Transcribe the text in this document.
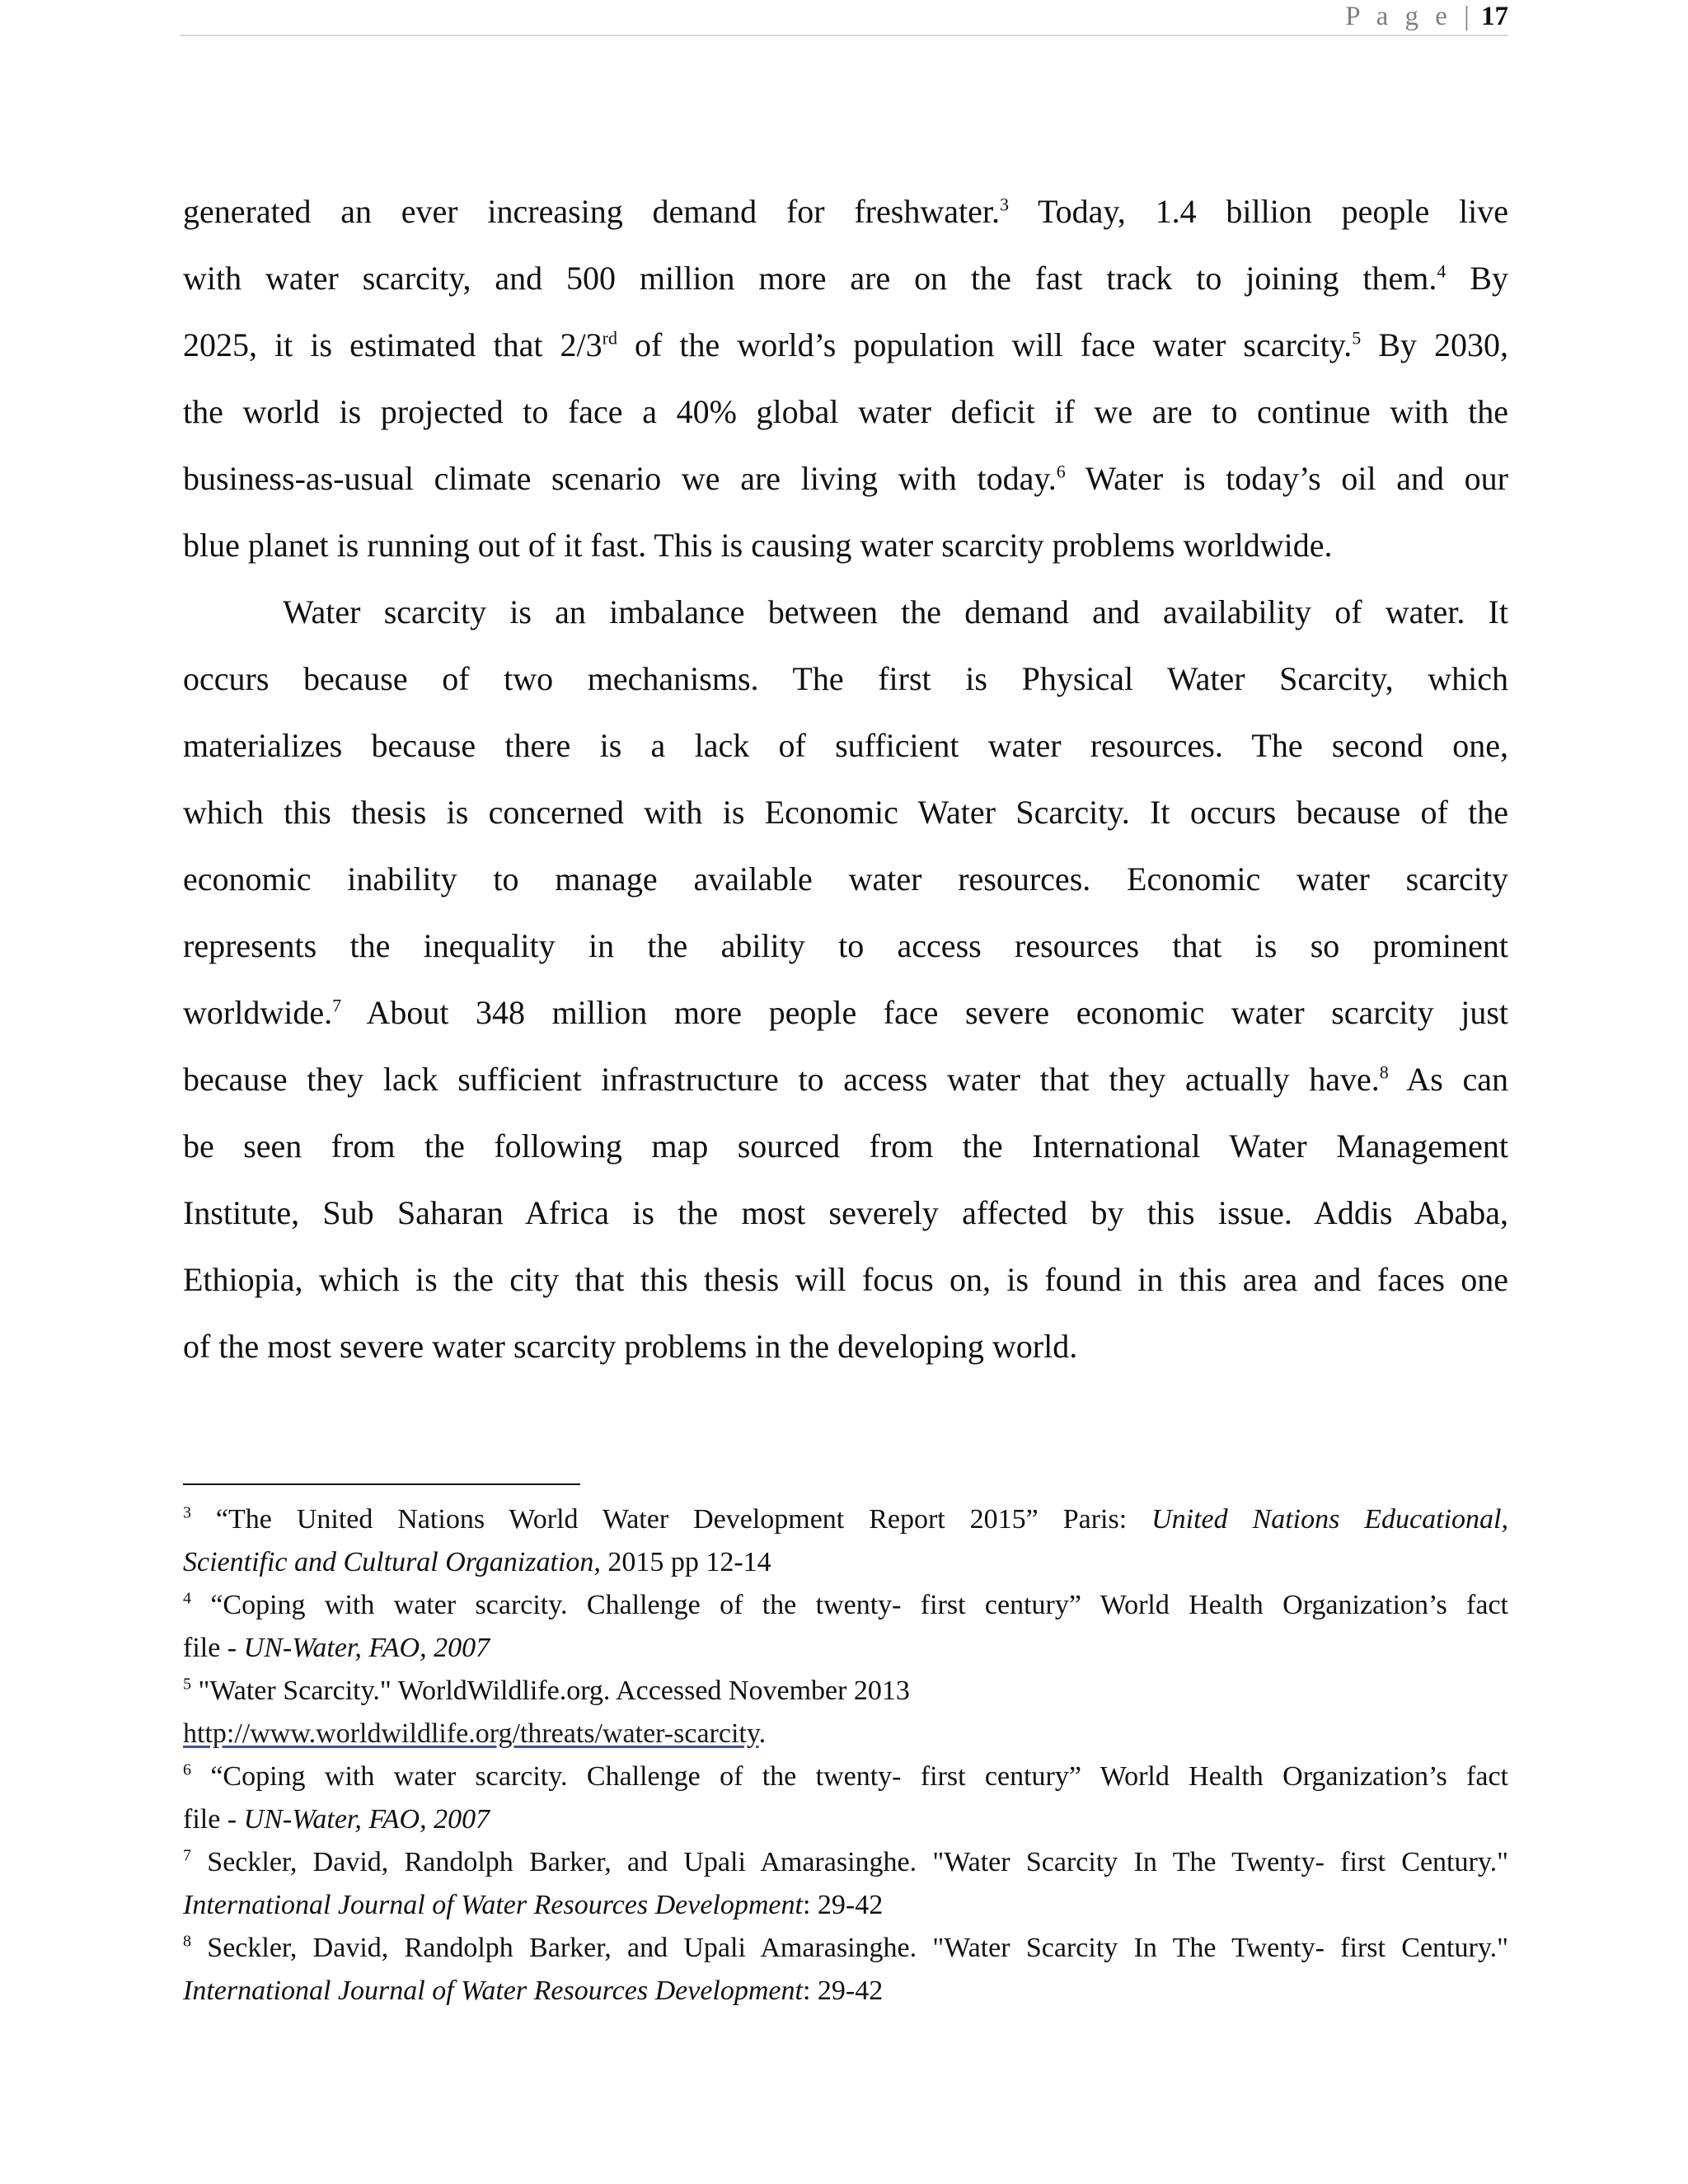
P a g e | 17
generated an ever increasing demand for freshwater.$^3$ Today, 1.4 billion people live
with water scarcity, and 500 million more are on the fast track to joining them.$^4$ By
2025, it is estimated that 2/3rd of the world’s population will face water scarcity.$^5$ By 2030,
the world is projected to face a 40% global water deficit if we are to continue with the
business-as-usual climate scenario we are living with today.$^6$ Water is today’s oil and our
blue planet is running out of it fast. This is causing water scarcity problems worldwide.
Water scarcity is an imbalance between the demand and availability of water. It
occurs because of two mechanisms. The first is Physical Water Scarcity, which
materializes because there is a lack of sufficient water resources. The second one,
which this thesis is concerned with is Economic Water Scarcity. It occurs because of the
economic inability to manage available water resources. Economic water scarcity
represents the inequality in the ability to access resources that is so prominent
worldwide.$^7$ About 348 million more people face severe economic water scarcity just
because they lack sufficient infrastructure to access water that they actually have.$^8$ As can
be seen from the following map sourced from the International Water Management
Institute, Sub Saharan Africa is the most severely affected by this issue. Addis Ababa,
Ethiopia, which is the city that this thesis will focus on, is found in this area and faces one
of the most severe water scarcity problems in the developing world.
$^3$ “The United Nations World Water Development Report 2015” Paris: United Nations Educational,
Scientific and Cultural Organization, 2015 pp 12-14
$^4$ “Coping with water scarcity. Challenge of the twenty- first century” World Health Organization’s fact
file - UN-Water, FAO, 2007
$^5$ "Water Scarcity." WorldWildlife.org. Accessed November 2013
http://www.worldwildlife.org/threats/water-scarcity.
$^6$ “Coping with water scarcity. Challenge of the twenty- first century” World Health Organization’s fact
file - UN-Water, FAO, 2007
$^7$ Seckler, David, Randolph Barker, and Upali Amarasinghe. "Water Scarcity In The Twenty- first Century."
International Journal of Water Resources Development: 29-42
$^8$ Seckler, David, Randolph Barker, and Upali Amarasinghe. "Water Scarcity In The Twenty- first Century."
International Journal of Water Resources Development: 29-42
